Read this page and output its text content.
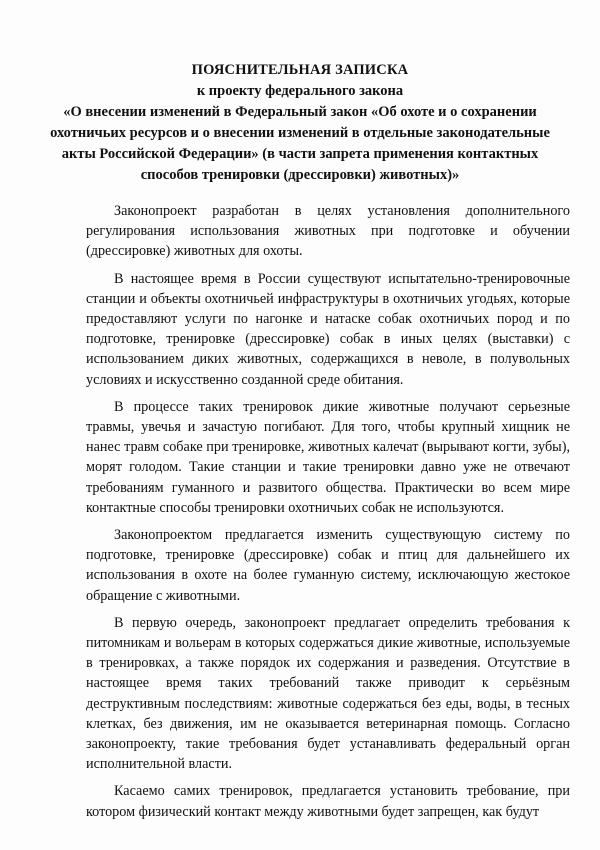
ПОЯСНИТЕЛЬНАЯ ЗАПИСКА
к проекту федерального закона
«О внесении изменений в Федеральный закон «Об охоте и о сохранении охотничьих ресурсов и о внесении изменений в отдельные законодательные акты Российской Федерации» (в части запрета применения контактных способов тренировки (дрессировки) животных)»

Законопроект разработан в целях установления дополнительного регулирования использования животных при подготовке и обучении (дрессировке) животных для охоты.

В настоящее время в России существуют испытательно-тренировочные станции и объекты охотничьей инфраструктуры в охотничьих угодьях, которые предоставляют услуги по нагонке и натаске собак охотничьих пород и по подготовке, тренировке (дрессировке) собак в иных целях (выставки) с использованием диких животных, содержащихся в неволе, в полувольных условиях и искусственно созданной среде обитания.

В процессе таких тренировок дикие животные получают серьезные травмы, увечья и зачастую погибают. Для того, чтобы крупный хищник не нанес травм собаке при тренировке, животных калечат (вырывают когти, зубы), морят голодом. Такие станции и такие тренировки давно уже не отвечают требованиям гуманного и развитого общества. Практически во всем мире контактные способы тренировки охотничьих собак не используются.

Законопроектом предлагается изменить существующую систему по подготовке, тренировке (дрессировке) собак и птиц для дальнейшего их использования в охоте на более гуманную систему, исключающую жестокое обращение с животными.

В первую очередь, законопроект предлагает определить требования к питомникам и вольерам в которых содержаться дикие животные, используемые в тренировках, а также порядок их содержания и разведения. Отсутствие в настоящее время таких требований также приводит к серьёзным деструктивным последствиям: животные содержаться без еды, воды, в тесных клетках, без движения, им не оказывается ветеринарная помощь. Согласно законопроекту, такие требования будет устанавливать федеральный орган исполнительной власти.

Касаемо самих тренировок, предлагается установить требование, при котором физический контакт между животными будет запрещен, как будут
